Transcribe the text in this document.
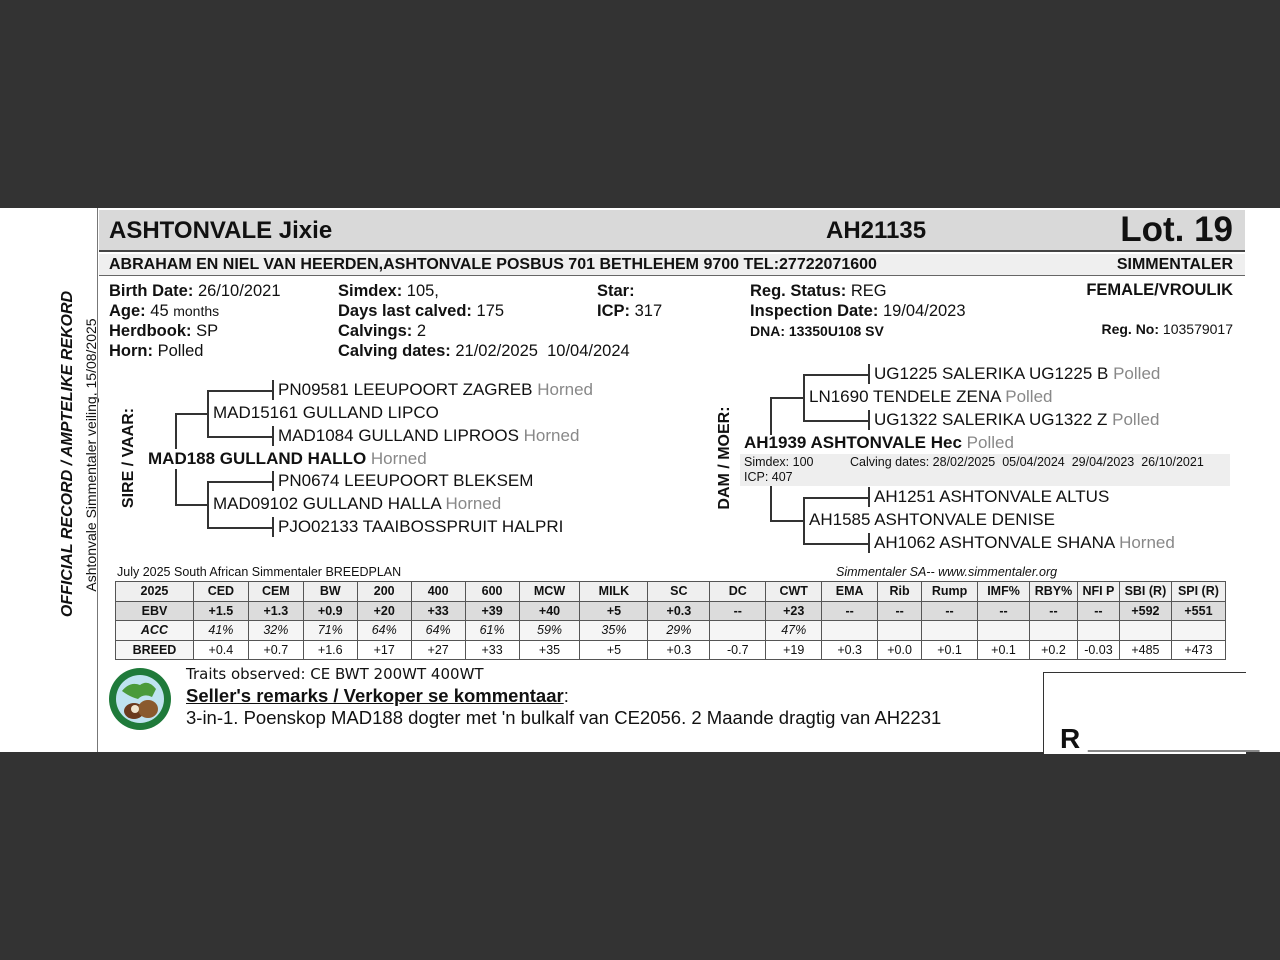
OFFICIAL RECORD / AMPTELIKE REKORD Ashtonvale Simmentaler veiling, 15/08/2025
ASHTONVALE Jixie	AH21135	Lot. 19
ABRAHAM EN NIEL VAN HEERDEN,ASHTONVALE POSBUS 701 BETHLEHEM 9700 TEL:27722071600	SIMMENTALER
Birth Date: 26/10/2021
Age: 45 months
Herdbook: SP
Horn: Polled
Simdex: 105,
Days last calved: 175
Calvings: 2
Calving dates: 21/02/2025  10/04/2024
Star:
ICP: 317
Reg. Status: REG
Inspection Date: 19/04/2023
DNA: 13350U108 SV
FEMALE/VROULIK
Reg. No: 103579017
SIRE / VAAR:
PN09581 LEEUPOORT ZAGREB Horned
MAD15161 GULLAND LIPCO
MAD1084 GULLAND LIPROOS Horned
MAD188 GULLAND HALLO Horned
PN0674 LEEUPOORT BLEKSEM
MAD09102 GULLAND HALLA Horned
PJO02133 TAAIBOSSPRUIT HALPRI
DAM / MOER:
UG1225 SALERIKA UG1225 B Polled
LN1690 TENDELE ZENA Polled
UG1322 SALERIKA UG1322 Z Polled
AH1939 ASHTONVALE Hec Polled
Simdex: 100	Calving dates: 28/02/2025  05/04/2024  29/04/2023  26/10/2021
ICP: 407
AH1251 ASHTONVALE ALTUS
AH1585 ASHTONVALE DENISE
AH1062 ASHTONVALE SHANA Horned
July 2025 South African Simmentaler BREEDPLAN	Simmentaler SA-- www.simmentaler.org
2025	CED	CEM	BW	200	400	600	MCW	MILK	SC	DC	CWT	EMA	Rib	Rump	IMF%	RBY%	NFI P	SBI (R)	SPI (R)
EBV	+1.5	+1.3	+0.9	+20	+33	+39	+40	+5	+0.3	--	+23	--	--	--	--	--	--	+592	+551
ACC	41%	32%	71%	64%	64%	61%	59%	35%	29%		47%								
BREED	+0.4	+0.7	+1.6	+17	+27	+33	+35	+5	+0.3	-0.7	+19	+0.3	+0.0	+0.1	+0.1	+0.2	-0.03	+485	+473
Traits observed: CE BWT 200WT 400WT
Seller's remarks / Verkoper se kommentaar:
3-in-1. Poenskop MAD188 dogter met 'n bulkalf van CE2056. 2 Maande dragtig van AH2231
R ___________
